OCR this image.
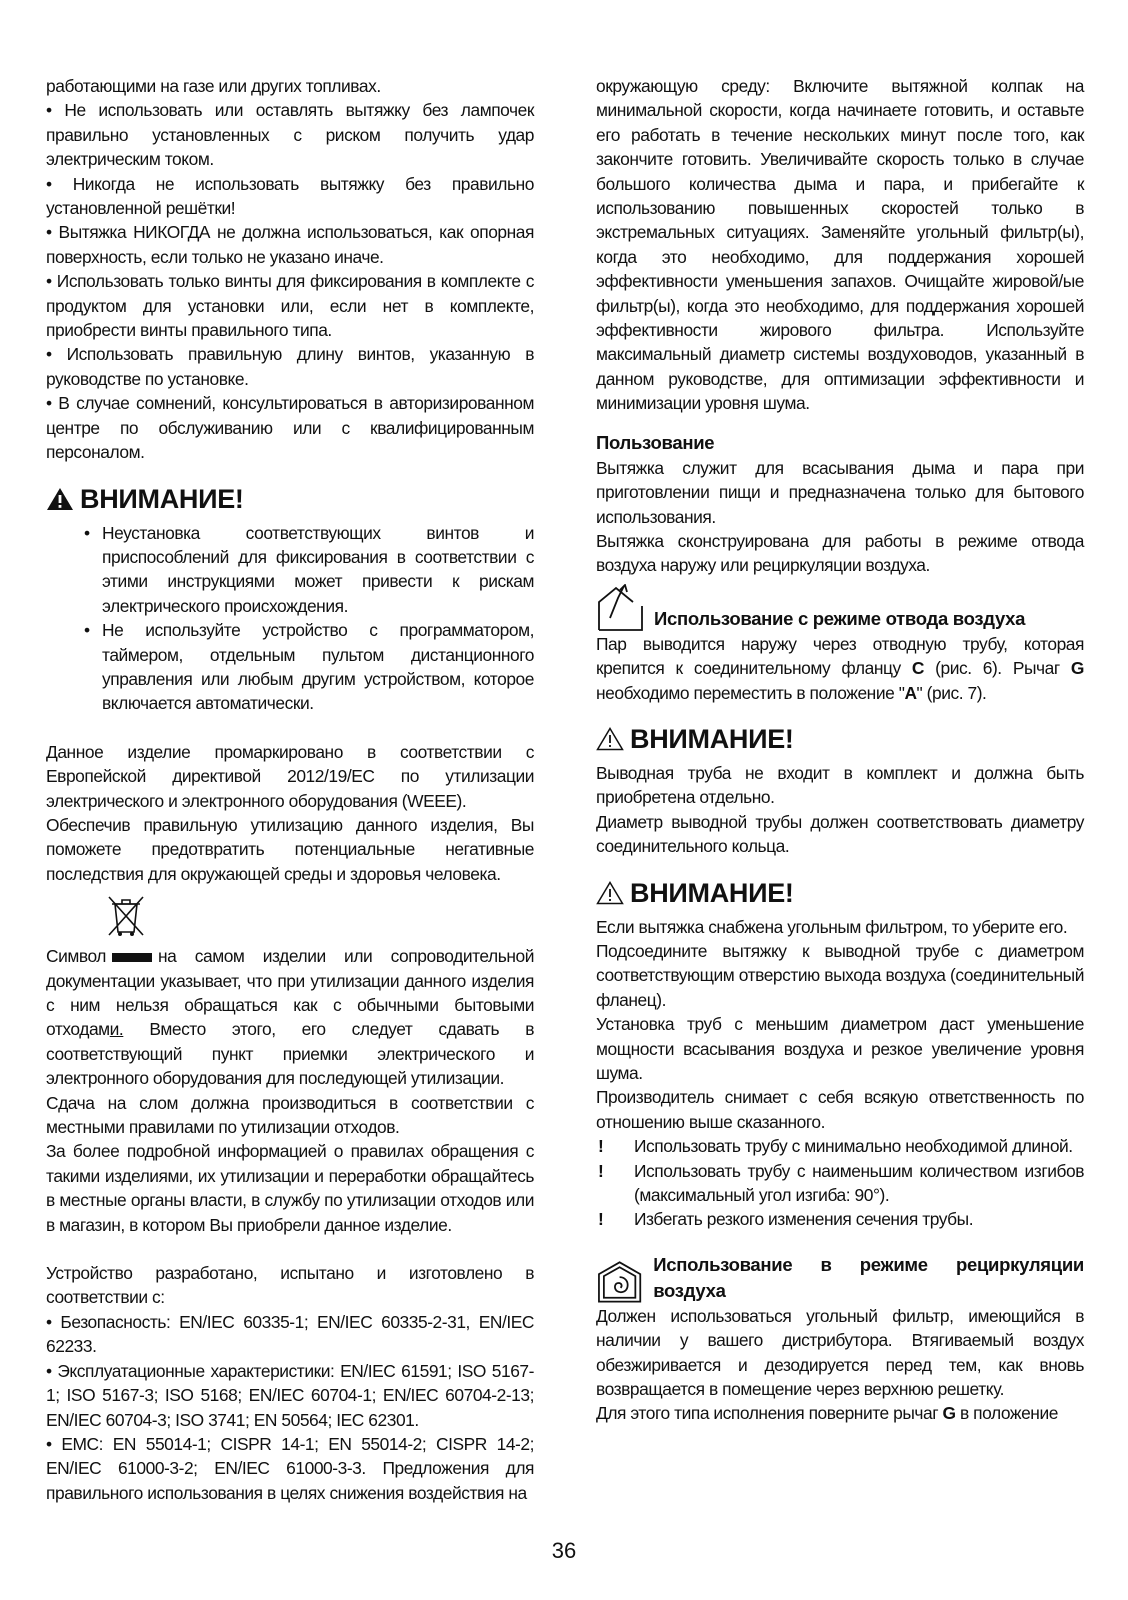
работающими на газе или других топливах.

• Не использовать или оставлять вытяжку без лампочек правильно установленных с риском получить удар электрическим током.

• Никогда не использовать вытяжку без правильно установленной решётки!

• Вытяжка НИКОГДА не должна использоваться, как опорная поверхность, если только не указано иначе.

• Использовать только винты для фиксирования в комплекте с продуктом для установки или, если нет в комплекте, приобрести винты правильного типа.

• Использовать правильную длину винтов, указанную в руководстве по установке.

• В случае сомнений, консультироваться в авторизированном центре по обслуживанию или с квалифицированным персоналом.

ВНИМАНИЕ!
• Неустановка соответствующих винтов и приспособлений для фиксирования в соответствии с этими инструкциями может привести к рискам электрического происхождения.
• Не используйте устройство с программатором, таймером, отдельным пультом дистанционного управления или любым другим устройством, которое включается автоматически.

Данное изделие промаркировано в соответствии с Европейской директивой 2012/19/EC по утилизации электрического и электронного оборудования (WEEE).

Обеспечив правильную утилизацию данного изделия, Вы поможете предотвратить потенциальные негативные последствия для окружающей среды и здоровья человека.

Символ	на самом изделии или сопроводительной документации указывает, что при утилизации данного изделия с ним нельзя обращаться как с обычными бытовыми отходами. Вместо этого, его следует сдавать в соответствующий пункт приемки электрического и электронного оборудования для последующей утилизации.

Сдача на слом должна производиться в соответствии с местными правилами по утилизации отходов.

За более подробной информацией о правилах обращения с такими изделиями, их утилизации и переработки обращайтесь в местные органы власти, в службу по утилизации отходов или в магазин, в котором Вы приобрели данное изделие.

Устройство разработано, испытано и изготовлено в соответствии с:

• Безопасность: EN/IEC 60335-1; EN/IEC 60335-2-31, EN/IEC 62233.

• Эксплуатационные характеристики: EN/IEC 61591; ISO 5167-1; ISO 5167-3; ISO 5168; EN/IEC 60704-1; EN/IEC 60704-2-13; EN/IEC 60704-3; ISO 3741; EN 50564; IEC 62301.

• EMC: EN 55014-1; CISPR 14-1; EN 55014-2; CISPR 14-2; EN/IEC 61000-3-2; EN/IEC 61000-3-3. Предложения для правильного использования в целях снижения воздействия на

окружающую среду: Включите вытяжной колпак на минимальной скорости, когда начинаете готовить, и оставьте его работать в течение нескольких минут после того, как закончите готовить. Увеличивайте скорость только в случае большого количества дыма и пара, и прибегайте к использованию повышенных скоростей только в экстремальных ситуациях. Заменяйте угольный фильтр(ы), когда это необходимо, для поддержания хорошей эффективности уменьшения запахов. Очищайте жировой/ые фильтр(ы), когда это необходимо, для поддержания хорошей эффективности жирового фильтра. Используйте максимальный диаметр системы воздуховодов, указанный в данном руководстве, для оптимизации эффективности и минимизации уровня шума.

Пользование

Вытяжка служит для всасывания дыма и пара при приготовлении пищи и предназначена только для бытового использования.

Вытяжка сконструирована для работы в режиме отвода воздуха наружу или рециркуляции воздуха.

Использование с режиме отвода воздуха

Пар выводится наружу через отводную трубу, которая крепится к соединительному фланцу C (рис. 6). Рычаг G необходимо переместить в положение "A" (рис. 7).

ВНИМАНИЕ!

Выводная труба не входит в комплект и должна быть приобретена отдельно.

Диаметр выводной трубы должен соответствовать диаметру соединительного кольца.

ВНИМАНИЕ!

Если вытяжка снабжена угольным фильтром, то уберите его.

Подсоедините вытяжку к выводной трубе с диаметром соответствующим отверстию выхода воздуха (соединительный фланец).

Установка труб с меньшим диаметром даст уменьшение мощности всасывания воздуха и резкое увеличение уровня шума.

Производитель снимает с себя всякую ответственность по отношению выше сказанного.

! Использовать трубу с минимально необходимой длиной.
! Использовать трубу с наименьшим количеством изгибов (максимальный угол изгиба: 90°).
! Избегать резкого изменения сечения трубы.
Использование в режиме рециркуляции воздуха

Должен использоваться угольный фильтр, имеющийся в наличии у вашего дистрибутора. Втягиваемый воздух обезжиривается и дезодируется перед тем, как вновь возвращается в помещение через верхнюю решетку.

Для этого типа исполнения поверните рычаг G в положение

36
